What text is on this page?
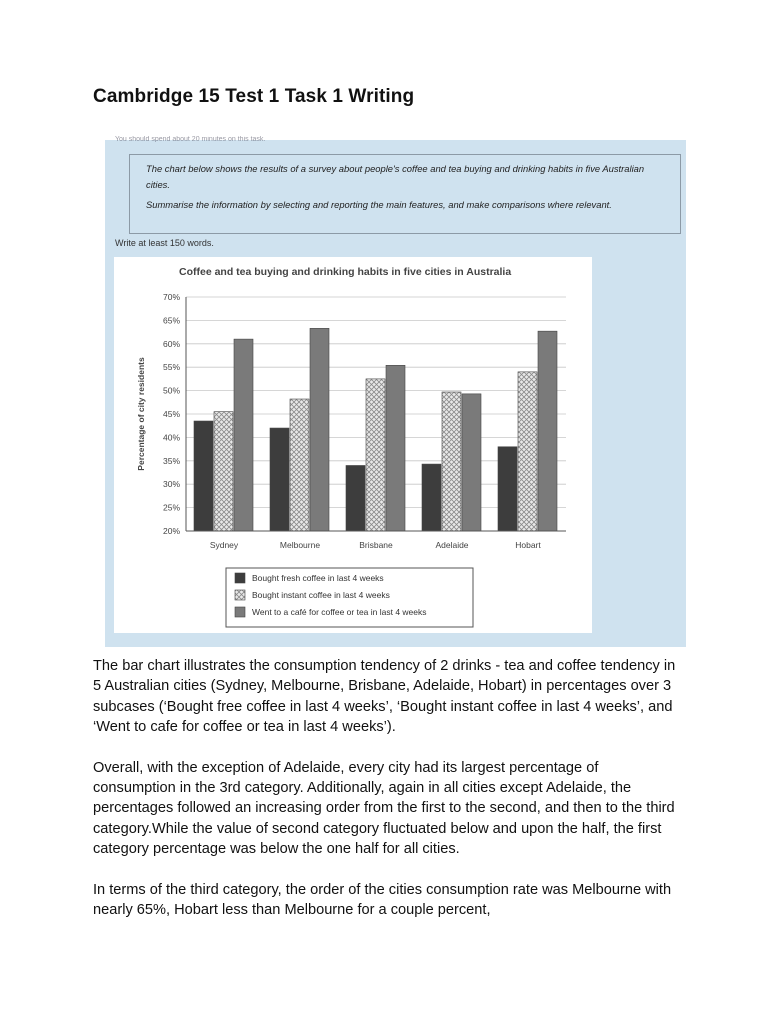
Cambridge 15 Test 1 Task 1 Writing
You should spend about 20 minutes on this task.

The chart below shows the results of a survey about people's coffee and tea buying and drinking habits in five Australian cities.

Summarise the information by selecting and reporting the main features, and make comparisons where relevant.

Write at least 150 words.
Coffee and tea buying and drinking habits in five cities in Australia
Percentage of city residents
20%
25%
30%
35%
40%
45%
50%
55%
60%
65%
70%
Sydney	Melbourne	Brisbane	Adelaide	Hobart
Bought fresh coffee in last 4 weeks
Bought instant coffee in last 4 weeks
Went to a café for coffee or tea in last 4 weeks

The bar chart illustrates the consumption tendency of 2 drinks - tea and coffee tendency in 5 Australian cities (Sydney, Melbourne, Brisbane, Adelaide, Hobart) in percentages over 3 subcases (‘Bought free coffee in last 4 weeks’, ‘Bought instant coffee in last 4 weeks’, and ‘Went to cafe for coffee or tea in last 4 weeks’).

Overall, with the exception of Adelaide, every city had its largest percentage of consumption in the 3rd category. Additionally, again in all cities except Adelaide, the percentages followed an increasing order from the first to the second, and then to the third category.While the value of second category fluctuated below and upon the half, the first category percentage was below the one half for all cities.

In terms of the third category, the order of the cities consumption rate was Melbourne with nearly 65%, Hobart less than Melbourne for a couple percent,
